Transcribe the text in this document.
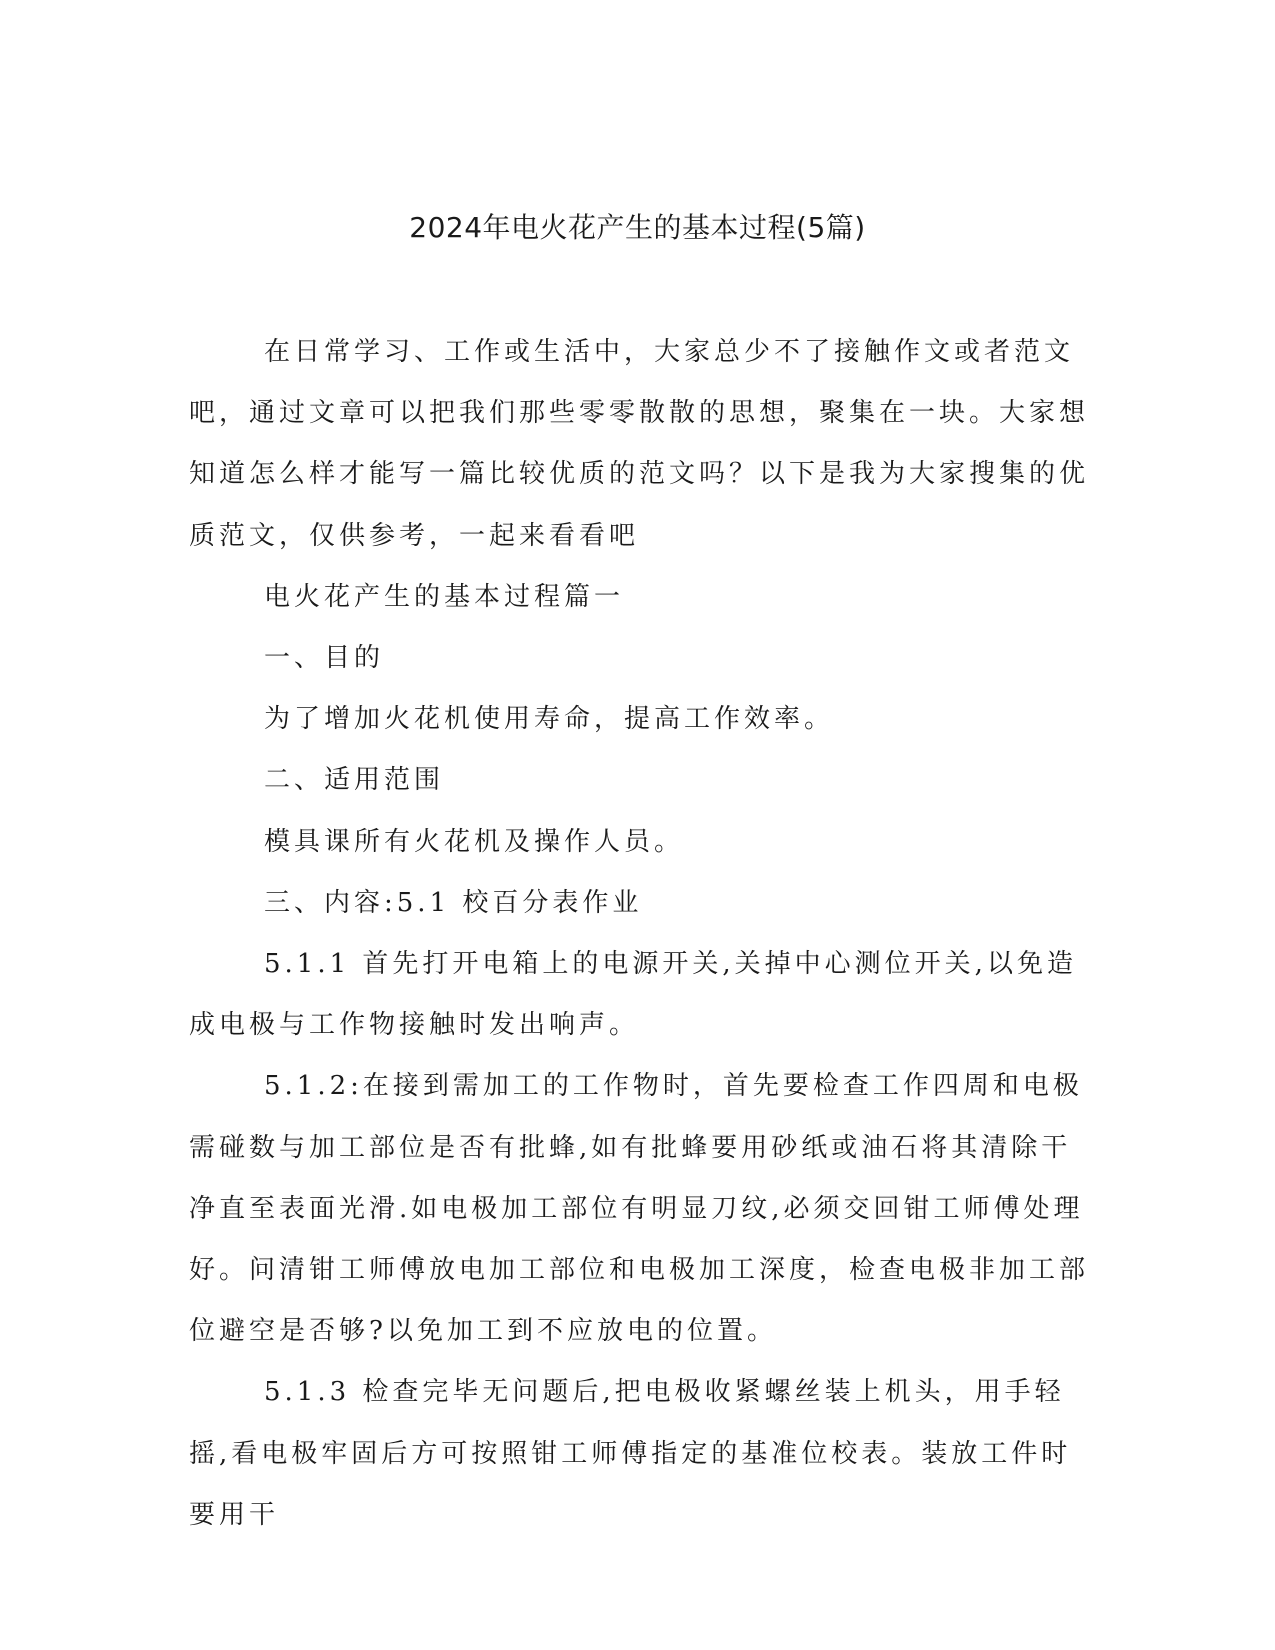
2024年电火花产生的基本过程(5篇)

在日常学习、工作或生活中，大家总少不了接触作文或者范文吧，通过文章可以把我们那些零零散散的思想，聚集在一块。大家想知道怎么样才能写一篇比较优质的范文吗？以下是我为大家搜集的优质范文，仅供参考，一起来看看吧

电火花产生的基本过程篇一

一、目的

为了增加火花机使用寿命，提高工作效率。

二、适用范围

模具课所有火花机及操作人员。

三、内容:5.1 校百分表作业

5.1.1 首先打开电箱上的电源开关,关掉中心测位开关,以免造成电极与工作物接触时发出响声。

5.1.2:在接到需加工的工作物时，首先要检查工作四周和电极需碰数与加工部位是否有批蜂,如有批蜂要用砂纸或油石将其清除干净直至表面光滑.如电极加工部位有明显刀纹,必须交回钳工师傅处理好。问清钳工师傅放电加工部位和电极加工深度，检查电极非加工部位避空是否够?以免加工到不应放电的位置。

5.1.3 检查完毕无问题后,把电极收紧螺丝装上机头，用手轻摇,看电极牢固后方可按照钳工师傅指定的基准位校表。装放工件时要用干
